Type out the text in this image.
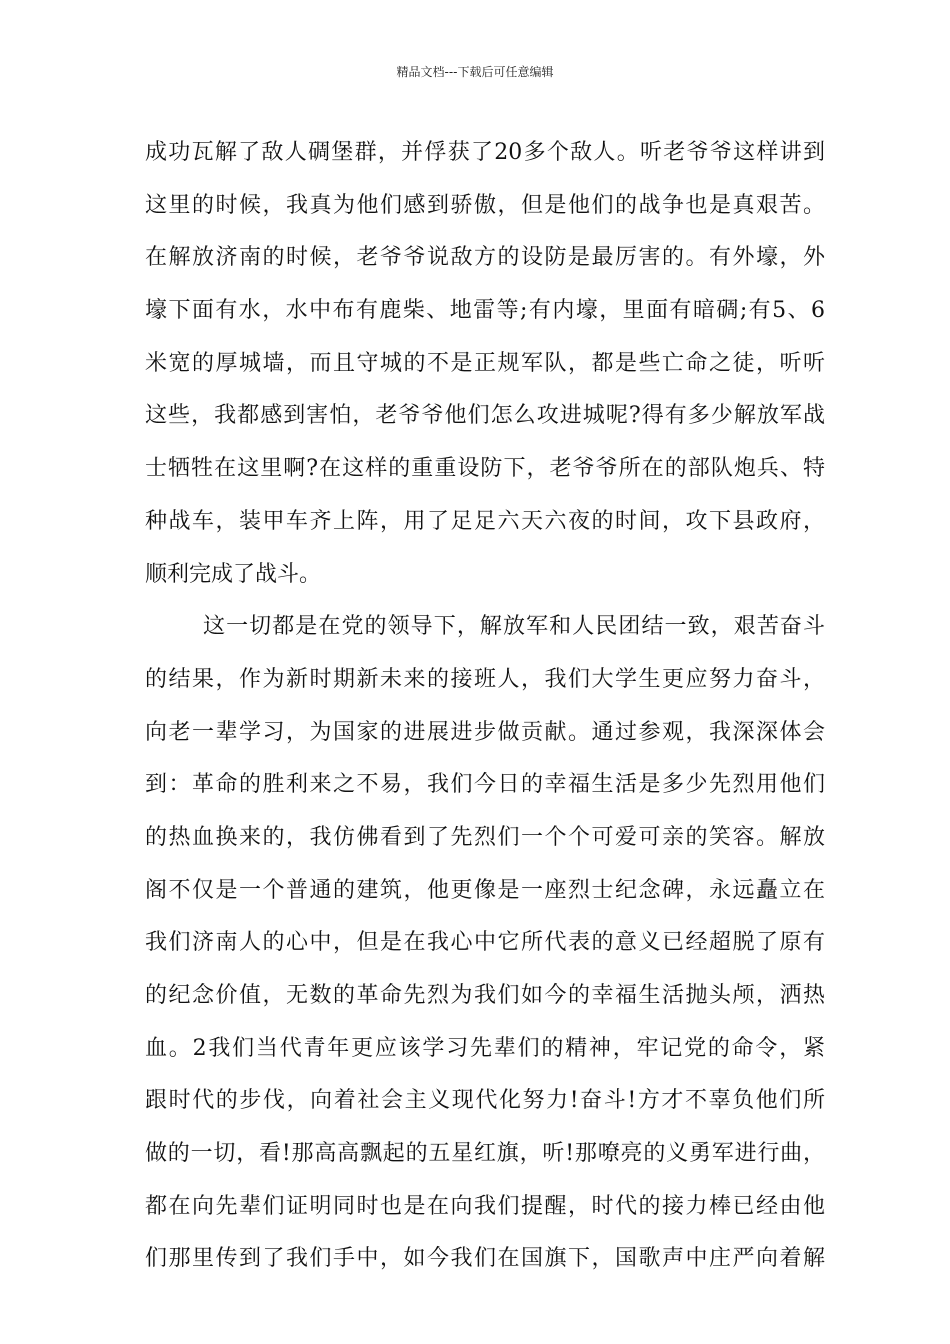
精品文档---下载后可任意编辑
成功瓦解了敌人碉堡群，并俘获了20多个敌人。听老爷爷这样讲到
这里的时候，我真为他们感到骄傲，但是他们的战争也是真艰苦。
在解放济南的时候，老爷爷说敌方的设防是最厉害的。有外壕，外
壕下面有水，水中布有鹿柴、地雷等;有内壕，里面有暗碉;有5、6
米宽的厚城墙，而且守城的不是正规军队，都是些亡命之徒，听听
这些，我都感到害怕，老爷爷他们怎么攻进城呢?得有多少解放军战
士牺牲在这里啊?在这样的重重设防下，老爷爷所在的部队炮兵、特
种战车，装甲车齐上阵，用了足足六天六夜的时间，攻下县政府，
顺利完成了战斗。
这一切都是在党的领导下，解放军和人民团结一致，艰苦奋斗
的结果，作为新时期新未来的接班人，我们大学生更应努力奋斗，
向老一辈学习，为国家的进展进步做贡献。通过参观，我深深体会
到：革命的胜利来之不易，我们今日的幸福生活是多少先烈用他们
的热血换来的，我仿佛看到了先烈们一个个可爱可亲的笑容。解放
阁不仅是一个普通的建筑，他更像是一座烈士纪念碑，永远矗立在
我们济南人的心中，但是在我心中它所代表的意义已经超脱了原有
的纪念价值，无数的革命先烈为我们如今的幸福生活抛头颅，洒热
血。2我们当代青年更应该学习先辈们的精神，牢记党的命令，紧
跟时代的步伐，向着社会主义现代化努力!奋斗!方才不辜负他们所
做的一切，看!那高高飘起的五星红旗，听!那嘹亮的义勇军进行曲，
都在向先辈们证明同时也是在向我们提醒，时代的接力棒已经由他
们那里传到了我们手中，如今我们在国旗下，国歌声中庄严向着解
